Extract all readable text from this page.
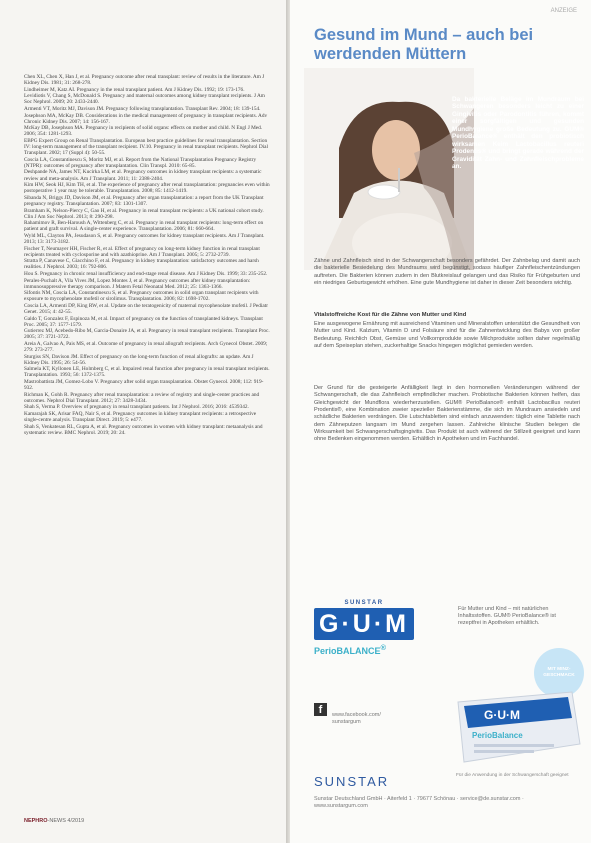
Chen XL, Chen X, Han J, et al. Pregnancy outcome after renal transplant: review of results in the literature. Am J Kidney Dis. 1981; 31: 268-278.

Lindheimer M, Katz AI. Pregnancy in the renal transplant patient. Am J Kidney Dis. 1992; 19: 173-176.

Levidiotis V, Chang S, McDonald S. Pregnancy and maternal outcomes among kidney transplant recipients. J Am Soc Nephrol. 2009; 20: 2433-2440.

Armenti VT, Moritz MJ, Davison JM. Pregnancy following transplantation. Transplant Rev. 2004; 18: 139-154.

Josephson MA, McKay DB. Considerations in the medical management of pregnancy in transplant recipients. Adv Chronic Kidney Dis. 2007; 14: 156-167.

McKay DB, Josephson MA. Pregnancy in recipients of solid organs: effects on mother and child. N Engl J Med. 2006; 354: 1281-1293.

EBPG Expert Group on Renal Transplantation. European best practice guidelines for renal transplantation. Section IV: long-term management of the transplant recipient. IV.10. Pregnancy in renal transplant recipients. Nephrol Dial Transplant. 2002; 17 (Suppl 4): 50-55.

Coscia LA, Constantinescu S, Moritz MJ, et al. Report from the National Transplantation Pregnancy Registry (NTPR): outcomes of pregnancy after transplantation. Clin Transpl. 2010: 65-85.

Deshpande NA, James NT, Kucirka LM, et al. Pregnancy outcomes in kidney transplant recipients: a systematic review and meta-analysis. Am J Transplant. 2011; 11: 2388-2404.

Kim HW, Seok HJ, Kim TH, et al. The experience of pregnancy after renal transplantation: pregnancies even within postoperative 1 year may be tolerable. Transplantation. 2008; 85: 1412-1419.

Sibanda N, Briggs JD, Davison JM, et al. Pregnancy after organ transplantation: a report from the UK Transplant pregnancy registry. Transplantation. 2007; 83: 1301-1307.

Bramham K, Nelson-Piercy C, Gao H, et al. Pregnancy in renal transplant recipients: a UK national cohort study. Clin J Am Soc Nephrol. 2013; 8: 290-298.

Rahamimov R, Ben-Haroush A, Wittenberg C, et al. Pregnancy in renal transplant recipients: long-term effect on patient and graft survival. A single-center experience. Transplantation. 2006; 81: 660-664.

Wyld ML, Clayton PA, Jesudason S, et al. Pregnancy outcomes for kidney transplant recipients. Am J Transplant. 2013; 13: 3173-3182.

Fischer T, Neumayer HH, Fischer R, et al. Effect of pregnancy on long-term kidney function in renal transplant recipients treated with cyclosporine and with azathioprine. Am J Transplant. 2005; 5: 2732-2739.

Stratta P, Canavese C, Giacchino F, et al. Pregnancy in kidney transplantation: satisfactory outcomes and harsh realities. J Nephrol. 2003; 16: 792-806.

Hou S. Pregnancy in chronic renal insufficiency and end-stage renal disease. Am J Kidney Dis. 1999; 33: 235-252.

Perales-Puchalt A, Vila Vives JM, Lopez Montes J, et al. Pregnancy outcomes after kidney transplantation: immunosuppressive therapy comparison. J Matern Fetal Neonatal Med. 2012; 25: 1363-1366.

Sifontis NM, Coscia LA, Constantinescu S, et al. Pregnancy outcomes in solid organ transplant recipients with exposure to mycophenolate mofetil or sirolimus. Transplantation. 2006; 82: 1698-1702.

Coscia LA, Armenti DP, King RW, et al. Update on the teratogenicity of maternal mycophenolate mofetil. J Pediatr Genet. 2015; 4: 42-55.

Galdo T, Gonzalez F, Espinoza M, et al. Impact of pregnancy on the function of transplanted kidneys. Transplant Proc. 2005; 37: 1577-1579.

Gutierrez MJ, Acebedo-Ribo M, Garcia-Donaire JA, et al. Pregnancy in renal transplant recipients. Transplant Proc. 2005; 37: 3721-3722.

Areia A, Galvao A, Pais MS, et al. Outcome of pregnancy in renal allograft recipients. Arch Gynecol Obstet. 2009; 279: 273-277.

Sturgiss SN, Davison JM. Effect of pregnancy on the long-term function of renal allografts: an update. Am J Kidney Dis. 1995; 26: 54-56.

Salmela KT, Kyllonen LE, Holmberg C, et al. Impaired renal function after pregnancy in renal transplant recipients. Transplantation. 1993; 56: 1372-1375.

Mastrobattista JM, Gomez-Lobo V. Pregnancy after solid organ transplantation. Obstet Gynecol. 2008; 112: 919-932.

Richman K, Gohh R. Pregnancy after renal transplantation: a review of registry and single-center practices and outcomes. Nephrol Dial Transplant. 2012; 27: 3428-3434.

Shah S, Verma P. Overview of pregnancy in renal transplant patients. Int J Nephrol. 2016; 2016: 4539342.

Kamarajah SK, Arisar FAQ, Nair S, et al. Pregnancy outcomes in kidney transplant recipients: a retrospective single-centre analysis. Transplant Direct. 2019; 5: e477.

Shah S, Venkatesan RL, Gupta A, et al. Pregnancy outcomes in women with kidney transplant: metaanalysis and systematic review. BMC Nephrol. 2019; 20: 24.

NEPHRO-NEWS 4/2019
ANZEIGE
Gesund im Mund – auch bei werdenden Müttern
Da bakterielle Beläge im Mundraum bei Schwangeren besonders leicht zu einer Gingivitis oder Parodontitis führen, kommt einer sorgfältigen und gesunden Mundhygiene große Bedeutung zu. GUM® PerioBalance® enthält den probiotisch wirksamen Keim Lactobacillus reuteri Prodentis® und bringt gerade während der Gravidität Zahn- und Zahnfleischprobleme an.
Zähne und Zahnfleisch sind in der Schwangerschaft besonders gefährdet. Der Zahnbelag und damit auch die bakterielle Besiedelung des Mundraums wird begünstigt, sodass häufiger Zahnfleischentzündungen auftreten. Die Bakterien können zudem in den Blutkreislauf gelangen und das Risiko für Frühgeburten und ein niedriges Geburtsgewicht erhöhen. Eine gute Mundhygiene ist daher in dieser Zeit besonders wichtig.
Vitalstoffreiche Kost für die Zähne von Mutter und Kind
Eine ausgewogene Ernährung mit ausreichend Vitaminen und Mineralstoffen unterstützt die Gesundheit von Mutter und Kind. Kalzium, Vitamin D und Folsäure sind für die Zahnentwicklung des Babys von großer Bedeutung. Reichlich Obst, Gemüse und Vollkornprodukte sowie Milchprodukte sollten daher regelmäßig auf dem Speiseplan stehen, zuckerhaltige Snacks hingegen möglichst gemieden werden.
Der Grund für die gesteigerte Anfälligkeit liegt in den hormonellen Veränderungen während der Schwangerschaft, die das Zahnfleisch empfindlicher machen. Probiotische Bakterien können helfen, das Gleichgewicht der Mundflora wiederherzustellen. GUM® PerioBalance® enthält Lactobacillus reuteri Prodentis®, eine Kombination zweier spezieller Bakterienstämme, die sich im Mundraum ansiedeln und schädliche Bakterien verdrängen. Die Lutschtabletten sind einfach anzuwenden: täglich eine Tablette nach dem Zähneputzen langsam im Mund zergehen lassen. Zahlreiche klinische Studien belegen die Wirksamkeit bei Schwangerschaftsgingivitis. Das Produkt ist auch während der Stillzeit geeignet und kann ohne Bedenken eingenommen werden. Erhältlich in Apotheken und im Fachhandel.
SUNSTAR
G·U·M
PerioBALANCE®
Für Mutter und Kind – mit natürlichen Inhaltsstoffen. GUM® PerioBalance® ist rezeptfrei in Apotheken erhältlich.
MIT MINZ- GESCHMACK
G·U·M
PerioBalance
Für die Anwendung in der Schwangerschaft geeignet
f	www.facebook.com/
sunstargum
SUNSTAR
Sunstar Deutschland GmbH · Aiterfeld 1 · 79677 Schönau · service@de.sunstar.com · www.sunstargum.com
